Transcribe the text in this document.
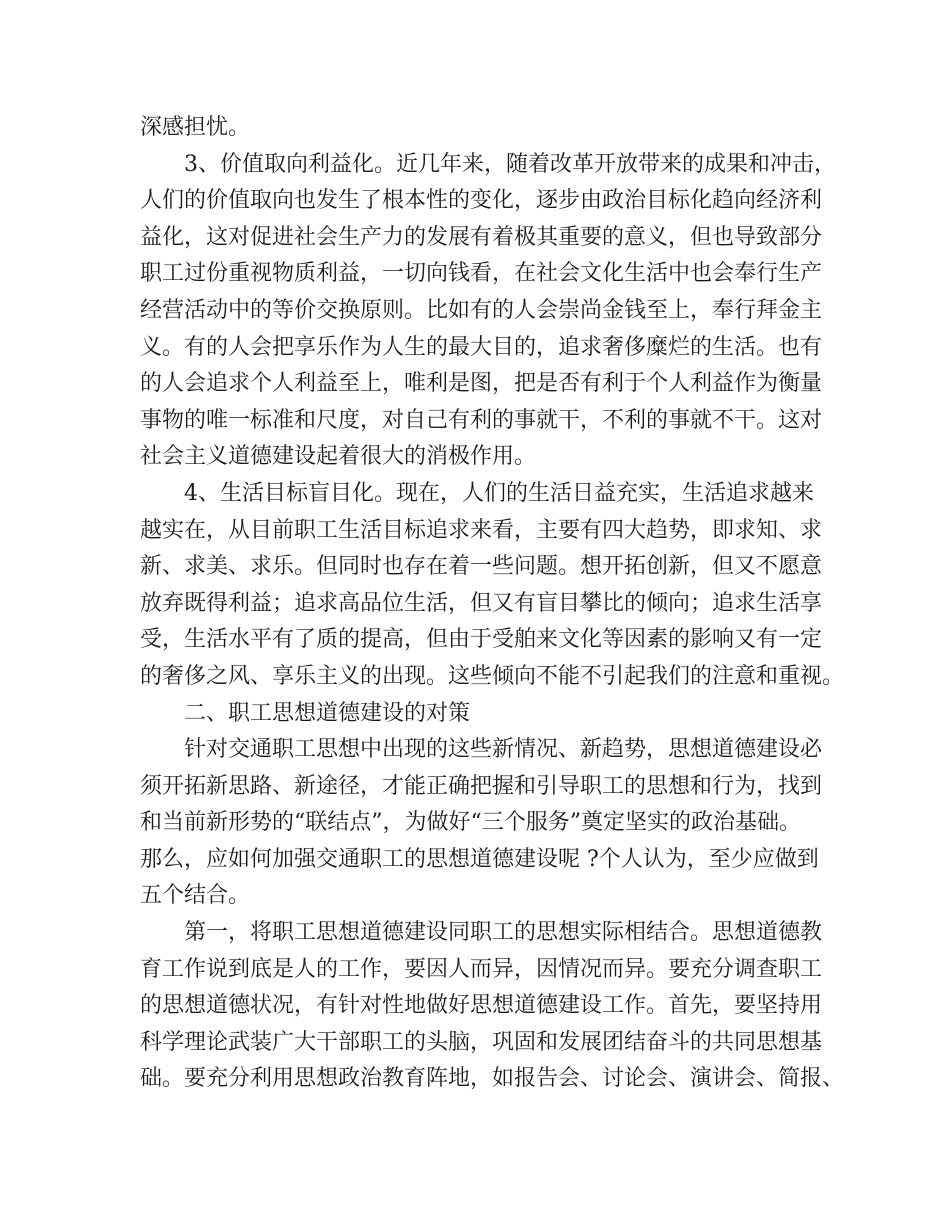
深感担忧。
3、价值取向利益化。近几年来，随着改革开放带来的成果和冲击，
人们的价值取向也发生了根本性的变化，逐步由政治目标化趋向经济利
益化，这对促进社会生产力的发展有着极其重要的意义，但也导致部分
职工过份重视物质利益，一切向钱看，在社会文化生活中也会奉行生产
经营活动中的等价交换原则。比如有的人会崇尚金钱至上，奉行拜金主
义。有的人会把享乐作为人生的最大目的，追求奢侈糜烂的生活。也有
的人会追求个人利益至上，唯利是图，把是否有利于个人利益作为衡量
事物的唯一标准和尺度，对自己有利的事就干，不利的事就不干。这对
社会主义道德建设起着很大的消极作用。
4、生活目标盲目化。现在，人们的生活日益充实，生活追求越来
越实在，从目前职工生活目标追求来看，主要有四大趋势，即求知、求
新、求美、求乐。但同时也存在着一些问题。想开拓创新，但又不愿意
放弃既得利益；追求高品位生活，但又有盲目攀比的倾向；追求生活享
受，生活水平有了质的提高，但由于受舶来文化等因素的影响又有一定
的奢侈之风、享乐主义的出现。这些倾向不能不引起我们的注意和重视。
二、职工思想道德建设的对策
针对交通职工思想中出现的这些新情况、新趋势，思想道德建设必
须开拓新思路、新途径，才能正确把握和引导职工的思想和行为，找到
和当前新形势的“联结点”，为做好“三个服务”奠定坚实的政治基础。
那么，应如何加强交通职工的思想道德建设呢 ?个人认为，至少应做到
五个结合。
第一，将职工思想道德建设同职工的思想实际相结合。思想道德教
育工作说到底是人的工作，要因人而异，因情况而异。要充分调查职工
的思想道德状况，有针对性地做好思想道德建设工作。首先，要坚持用
科学理论武装广大干部职工的头脑，巩固和发展团结奋斗的共同思想基
础。要充分利用思想政治教育阵地，如报告会、讨论会、演讲会、简报、
